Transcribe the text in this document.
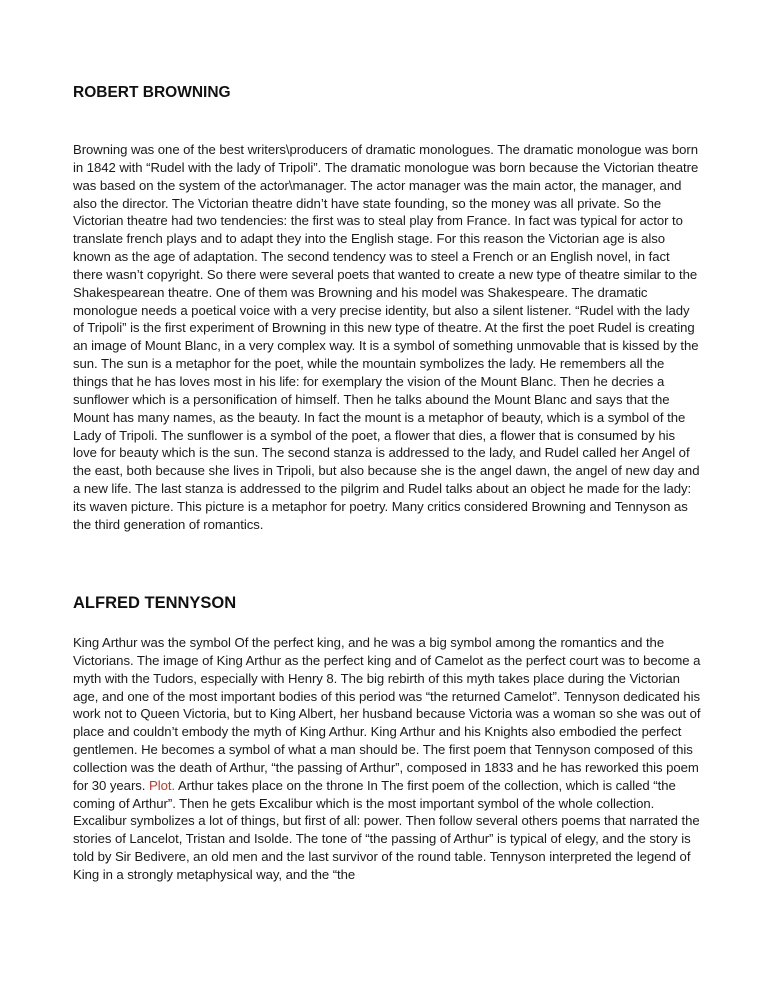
ROBERT BROWNING

Browning was one of the best writers\producers of dramatic monologues. The dramatic monologue was born in 1842 with “Rudel with the lady of Tripoli”. The dramatic monologue was born because the Victorian theatre was based on the system of the actor\manager. The actor manager was the main actor, the manager, and also the director. The Victorian theatre didn’t have state founding, so the money was all private. So the Victorian theatre had two tendencies: the first was to steal play from France. In fact was typical for actor to translate french plays and to adapt they into the English stage. For this reason the Victorian age is also known as the age of adaptation. The second tendency was to steel a French or an English novel, in fact there wasn’t copyright. So there were several poets that wanted to create a new type of theatre similar to the Shakespearean theatre. One of them was Browning and his model was Shakespeare. The dramatic monologue needs a poetical voice with a very precise identity, but also a silent listener. “Rudel with the lady of Tripoli” is the first experiment of Browning in this new type of theatre. At the first the poet Rudel is creating an image of Mount Blanc, in a very complex way. It is a symbol of something unmovable that is kissed by the sun. The sun is a metaphor for the poet, while the mountain symbolizes the lady. He remembers all the things that he has loves most in his life: for exemplary the vision of the Mount Blanc. Then he decries a sunflower which is a personification of himself. Then he talks abound the Mount Blanc and says that the Mount has many names, as the beauty. In fact the mount is a metaphor of beauty, which is a symbol of the Lady of Tripoli. The sunflower is a symbol of the poet, a flower that dies, a flower that is consumed by his love for beauty which is the sun. The second stanza is addressed to the lady, and Rudel called her Angel of the east, both because she lives in Tripoli, but also because she is the angel dawn, the angel of new day and a new life. The last stanza is addressed to the pilgrim and Rudel talks about an object he made for the lady: its waven picture. This picture is a metaphor for poetry. Many critics considered Browning and Tennyson as the third generation of romantics.

ALFRED TENNYSON

King Arthur was the symbol Of the perfect king, and he was a big symbol among the romantics and the Victorians. The image of King Arthur as the perfect king and of Camelot as the perfect court was to become a myth with the Tudors, especially with Henry 8. The big rebirth of this myth takes place during the Victorian age, and one of the most important bodies of this period was “the returned Camelot”. Tennyson dedicated his work not to Queen Victoria, but to King Albert, her husband because Victoria was a woman so she was out of place and couldn’t embody the myth of King Arthur. King Arthur and his Knights also embodied the perfect gentlemen. He becomes a symbol of what a man should be. The first poem that Tennyson composed of this collection was the death of Arthur, “the passing of Arthur”, composed in 1833 and he has reworked this poem for 30 years. Plot. Arthur takes place on the throne In The first poem of the collection, which is called “the coming of Arthur”. Then he gets Excalibur which is the most important symbol of the whole collection. Excalibur symbolizes a lot of things, but first of all: power. Then follow several others poems that narrated the stories of Lancelot, Tristan and Isolde. The tone of “the passing of Arthur” is typical of elegy, and the story is told by Sir Bedivere, an old men and the last survivor of the round table. Tennyson interpreted the legend of King in a strongly metaphysical way, and the “the
